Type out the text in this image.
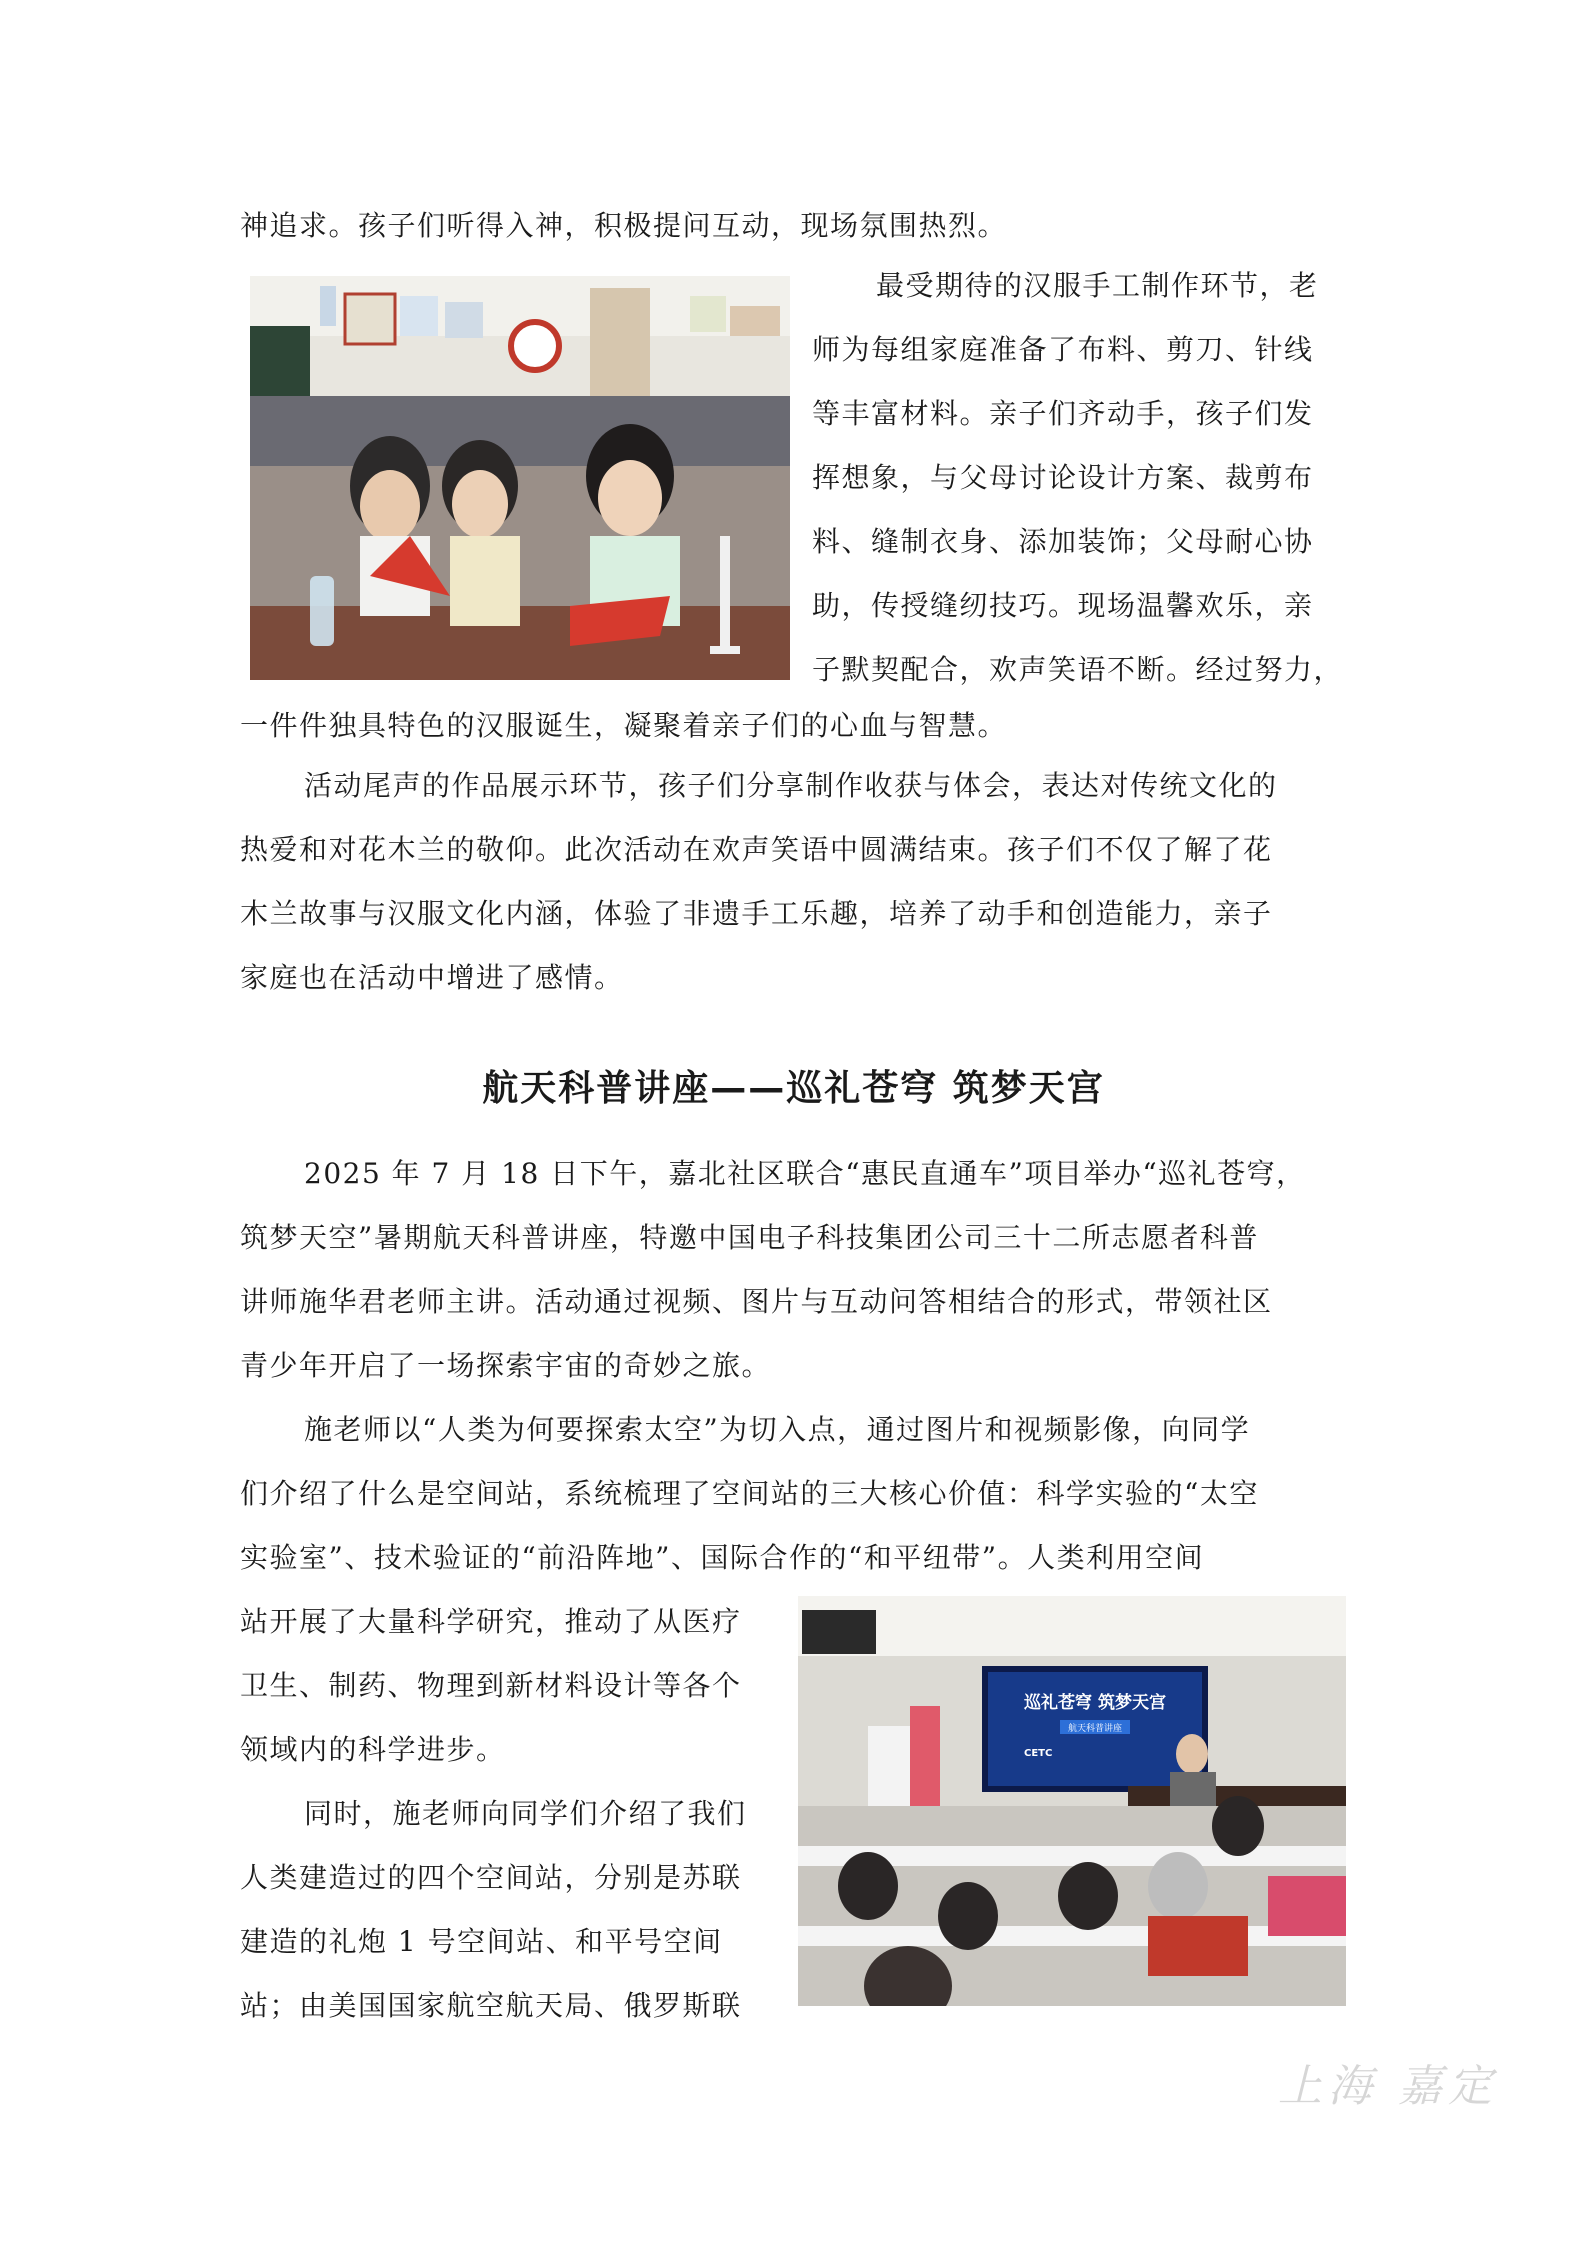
神追求。孩子们听得入神，积极提问互动，现场氛围热烈。
最受期待的汉服手工制作环节，老
师为每组家庭准备了布料、剪刀、针线
等丰富材料。亲子们齐动手，孩子们发
挥想象，与父母讨论设计方案、裁剪布
料、缝制衣身、添加装饰；父母耐心协
助，传授缝纫技巧。现场温馨欢乐，亲
子默契配合，欢声笑语不断。经过努力，
一件件独具特色的汉服诞生，凝聚着亲子们的心血与智慧。
活动尾声的作品展示环节，孩子们分享制作收获与体会，表达对传统文化的
热爱和对花木兰的敬仰。此次活动在欢声笑语中圆满结束。孩子们不仅了解了花
木兰故事与汉服文化内涵，体验了非遗手工乐趣，培养了动手和创造能力，亲子
家庭也在活动中增进了感情。
航天科普讲座——巡礼苍穹 筑梦天宫
2025 年 7 月 18 日下午，嘉北社区联合“惠民直通车”项目举办“巡礼苍穹，
筑梦天空”暑期航天科普讲座，特邀中国电子科技集团公司三十二所志愿者科普
讲师施华君老师主讲。活动通过视频、图片与互动问答相结合的形式，带领社区
青少年开启了一场探索宇宙的奇妙之旅。
施老师以“人类为何要探索太空”为切入点，通过图片和视频影像，向同学
们介绍了什么是空间站，系统梳理了空间站的三大核心价值：科学实验的“太空
实验室”、技术验证的“前沿阵地”、国际合作的“和平纽带”。人类利用空间
站开展了大量科学研究，推动了从医疗
卫生、制药、物理到新材料设计等各个
领域内的科学进步。
同时，施老师向同学们介绍了我们
人类建造过的四个空间站，分别是苏联
建造的礼炮 1 号空间站、和平号空间
站；由美国国家航空航天局、俄罗斯联
巡礼苍穹 筑梦天宫
航天科普讲座
CETC
上海 嘉定
